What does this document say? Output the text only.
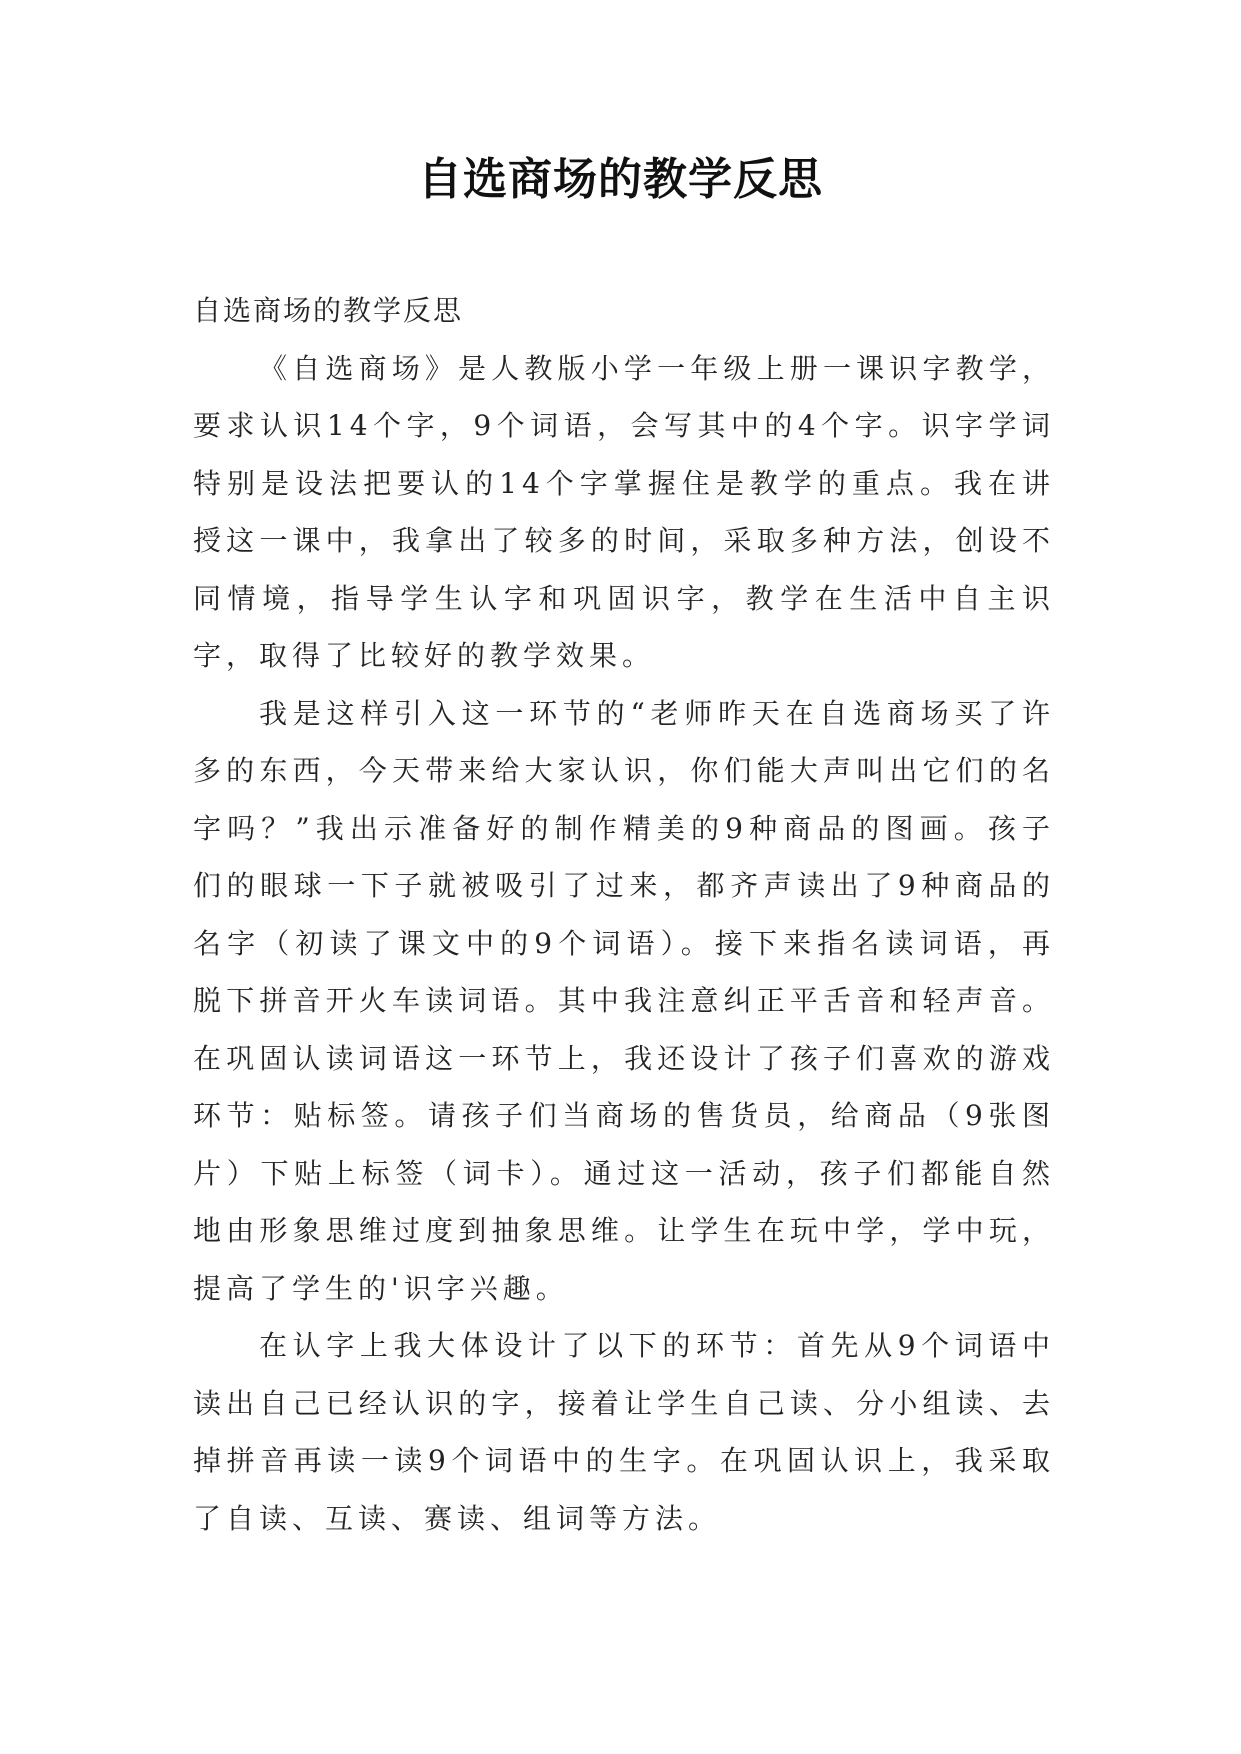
自选商场的教学反思

自选商场的教学反思

《自选商场》是人教版小学一年级上册一课识字教学，要求认识14个字，9个词语，会写其中的4个字。识字学词特别是设法把要认的14个字掌握住是教学的重点。我在讲授这一课中，我拿出了较多的时间，采取多种方法，创设不同情境，指导学生认字和巩固识字，教学在生活中自主识字，取得了比较好的教学效果。

我是这样引入这一环节的“老师昨天在自选商场买了许多的东西，今天带来给大家认识，你们能大声叫出它们的名字吗？”我出示准备好的制作精美的9种商品的图画。孩子们的眼球一下子就被吸引了过来，都齐声读出了9种商品的名字（初读了课文中的9个词语）。接下来指名读词语，再脱下拼音开火车读词语。其中我注意纠正平舌音和轻声音。在巩固认读词语这一环节上，我还设计了孩子们喜欢的游戏环节：贴标签。请孩子们当商场的售货员，给商品（9张图片）下贴上标签（词卡）。通过这一活动，孩子们都能自然地由形象思维过度到抽象思维。让学生在玩中学，学中玩，提高了学生的'识字兴趣。

在认字上我大体设计了以下的环节：首先从9个词语中读出自己已经认识的字，接着让学生自己读、分小组读、去掉拼音再读一读9个词语中的生字。在巩固认识上，我采取了自读、互读、赛读、组词等方法。
